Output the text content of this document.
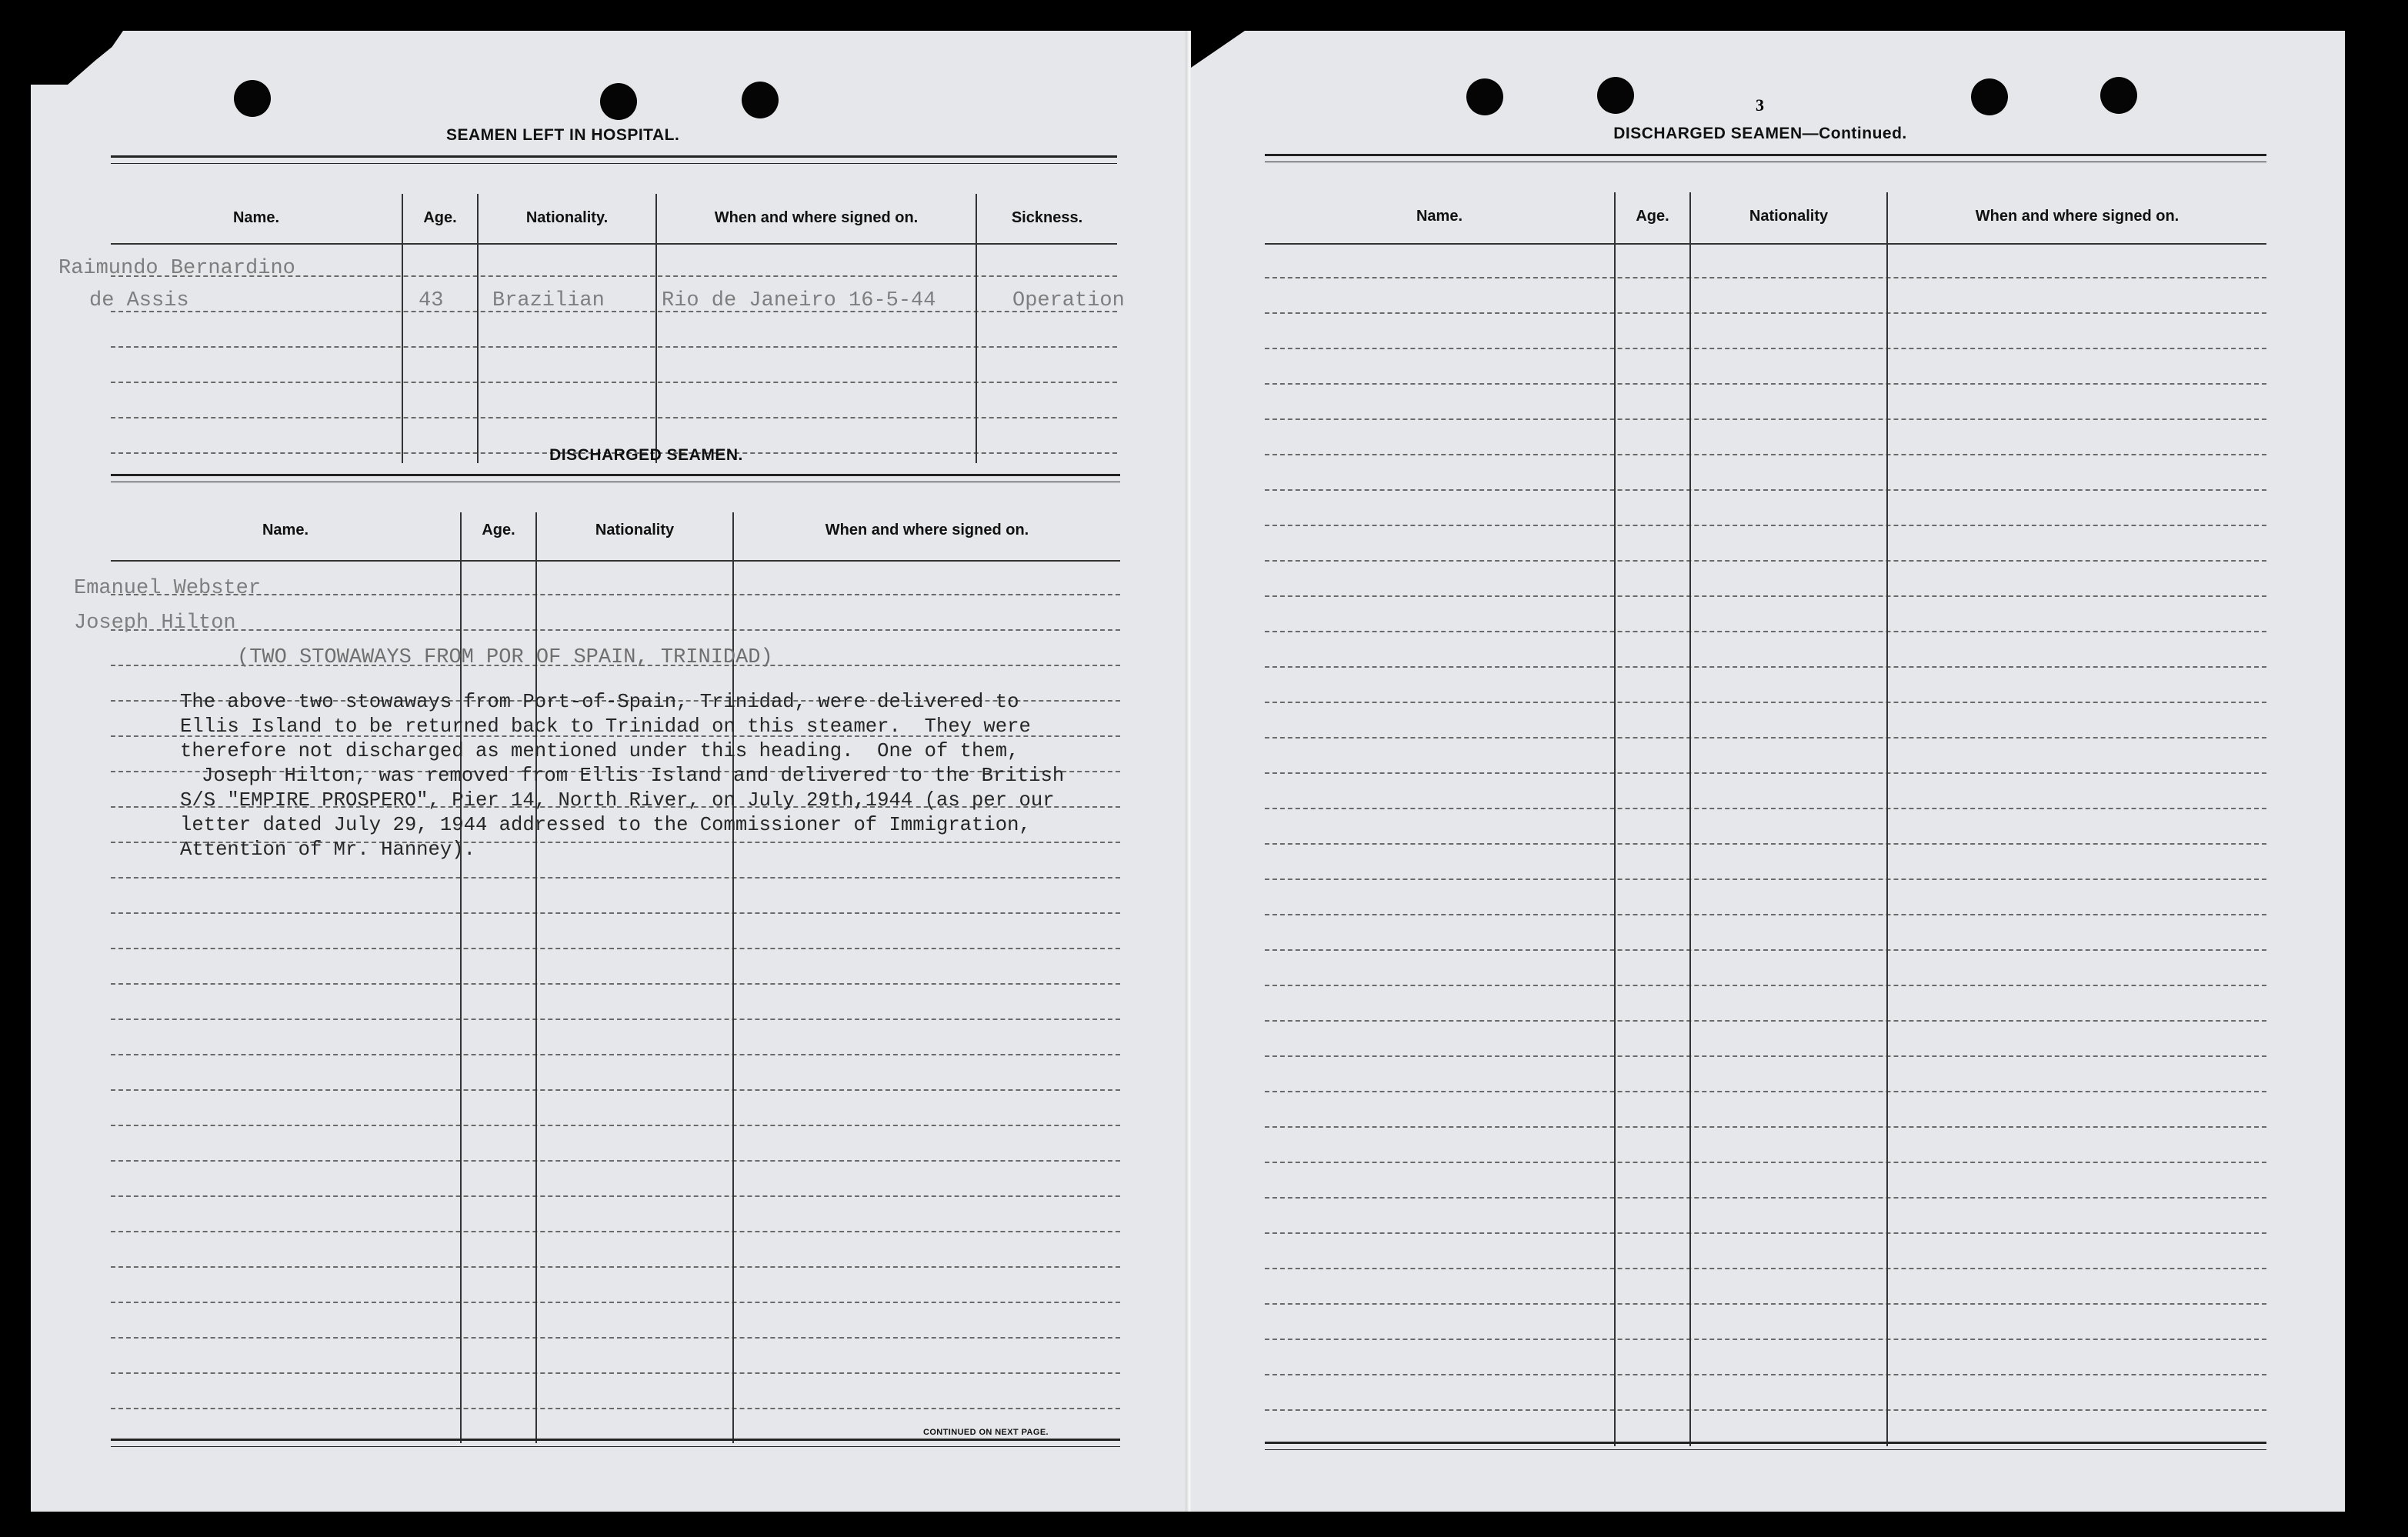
SEAMEN LEFT IN HOSPITAL.
Name.	Age.	Nationality.	When and where signed on.	Sickness.
Raimundo Bernardino
de Assis	43 Brazilian	Rio de Janeiro 16-5-44	Operation
DISCHARGED SEAMEN.
Name.	Age.	Nationality	When and where signed on.
Emanuel Webster
Joseph Hilton
(TWO STOWAWAYS FROM POR OF SPAIN, TRINIDAD)
The above two stowaways from Port-of-Spain, Trinidad, were delivered to
Ellis Island to be returned back to Trinidad on this steamer.  They were
therefore not discharged as mentioned under this heading.  One of them,
Joseph Hilton, was removed from Ellis Island and delivered to the British
S/S "EMPIRE PROSPERO", Pier 14, North River, on July 29th,1944 (as per our
letter dated July 29, 1944 addressed to the Commissioner of Immigration,
Attention of Mr. Hanney).
CONTINUED ON NEXT PAGE.
3
DISCHARGED SEAMEN—Continued.
Name.	Age.	Nationality	When and where signed on.
